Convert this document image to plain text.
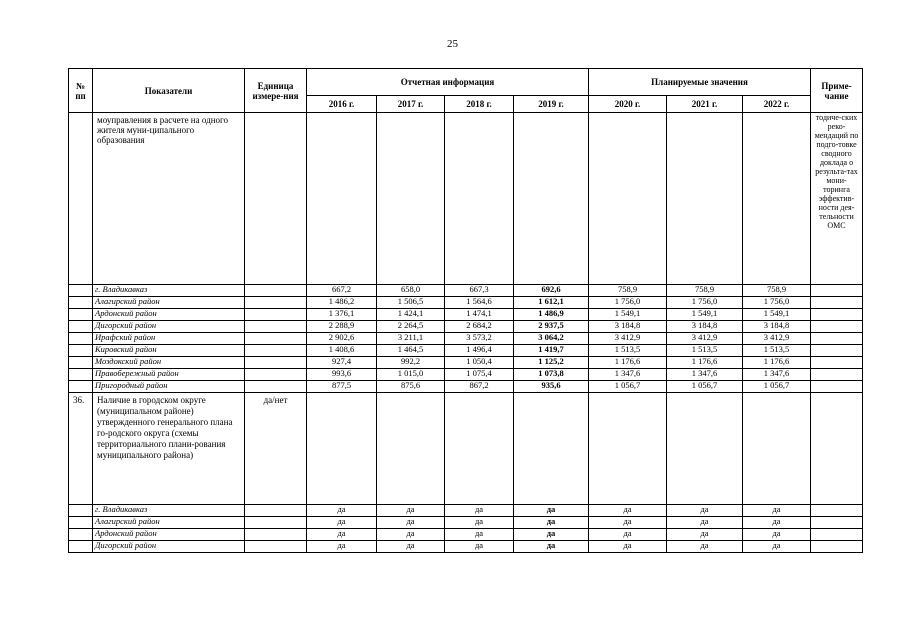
25
№ пп	Показатели	Единица измере-ния	Отчетная информация				Планируемые значения			Приме-чание
			2016 г.	2017 г.	2018 г.	2019 г.	2020 г.	2021 г.	2022 г.	
	моуправления в расчете на одного жителя муни-ципального образования									тодиче-ских реко-мендаций по подго-товке сводного доклада о результа-тах мони-торинга эффектив-ности дея-тельности ОМС
	г. Владикавказ		667,2	658,0	667,3	692,6	758,9	758,9	758,9	
	Алагирский район		1 486,2	1 506,5	1 564,6	1 612,1	1 756,0	1 756,0	1 756,0	
	Ардонский район		1 376,1	1 424,1	1 474,1	1 486,9	1 549,1	1 549,1	1 549,1	
	Дигорский район		2 288,9	2 264,5	2 684,2	2 937,5	3 184,8	3 184,8	3 184,8	
	Ирафский район		2 902,6	3 211,1	3 573,2	3 064,2	3 412,9	3 412,9	3 412,9	
	Кировский район		1 408,6	1 464,5	1 496,4	1 419,7	1 513,5	1 513,5	1 513,5	
	Моздокский район		927,4	992,2	1 050,4	1 125,2	1 176,6	1 176,6	1 176,6	
	Правобережный район		993,6	1 015,0	1 075,4	1 073,8	1 347,6	1 347,6	1 347,6	
	Пригородный район		877,5	875,6	867,2	935,6	1 056,7	1 056,7	1 056,7	
36.	Наличие в городском округе (муниципальном районе) утвержденного генерального плана го-родского округа (схемы территориального плани-рования муниципального района)	да/нет								
	г. Владикавказ		да	да	да	да	да	да	да	
	Алагирский район		да	да	да	да	да	да	да	
	Ардонский район		да	да	да	да	да	да	да	
	Дигорский район		да	да	да	да	да	да	да	
